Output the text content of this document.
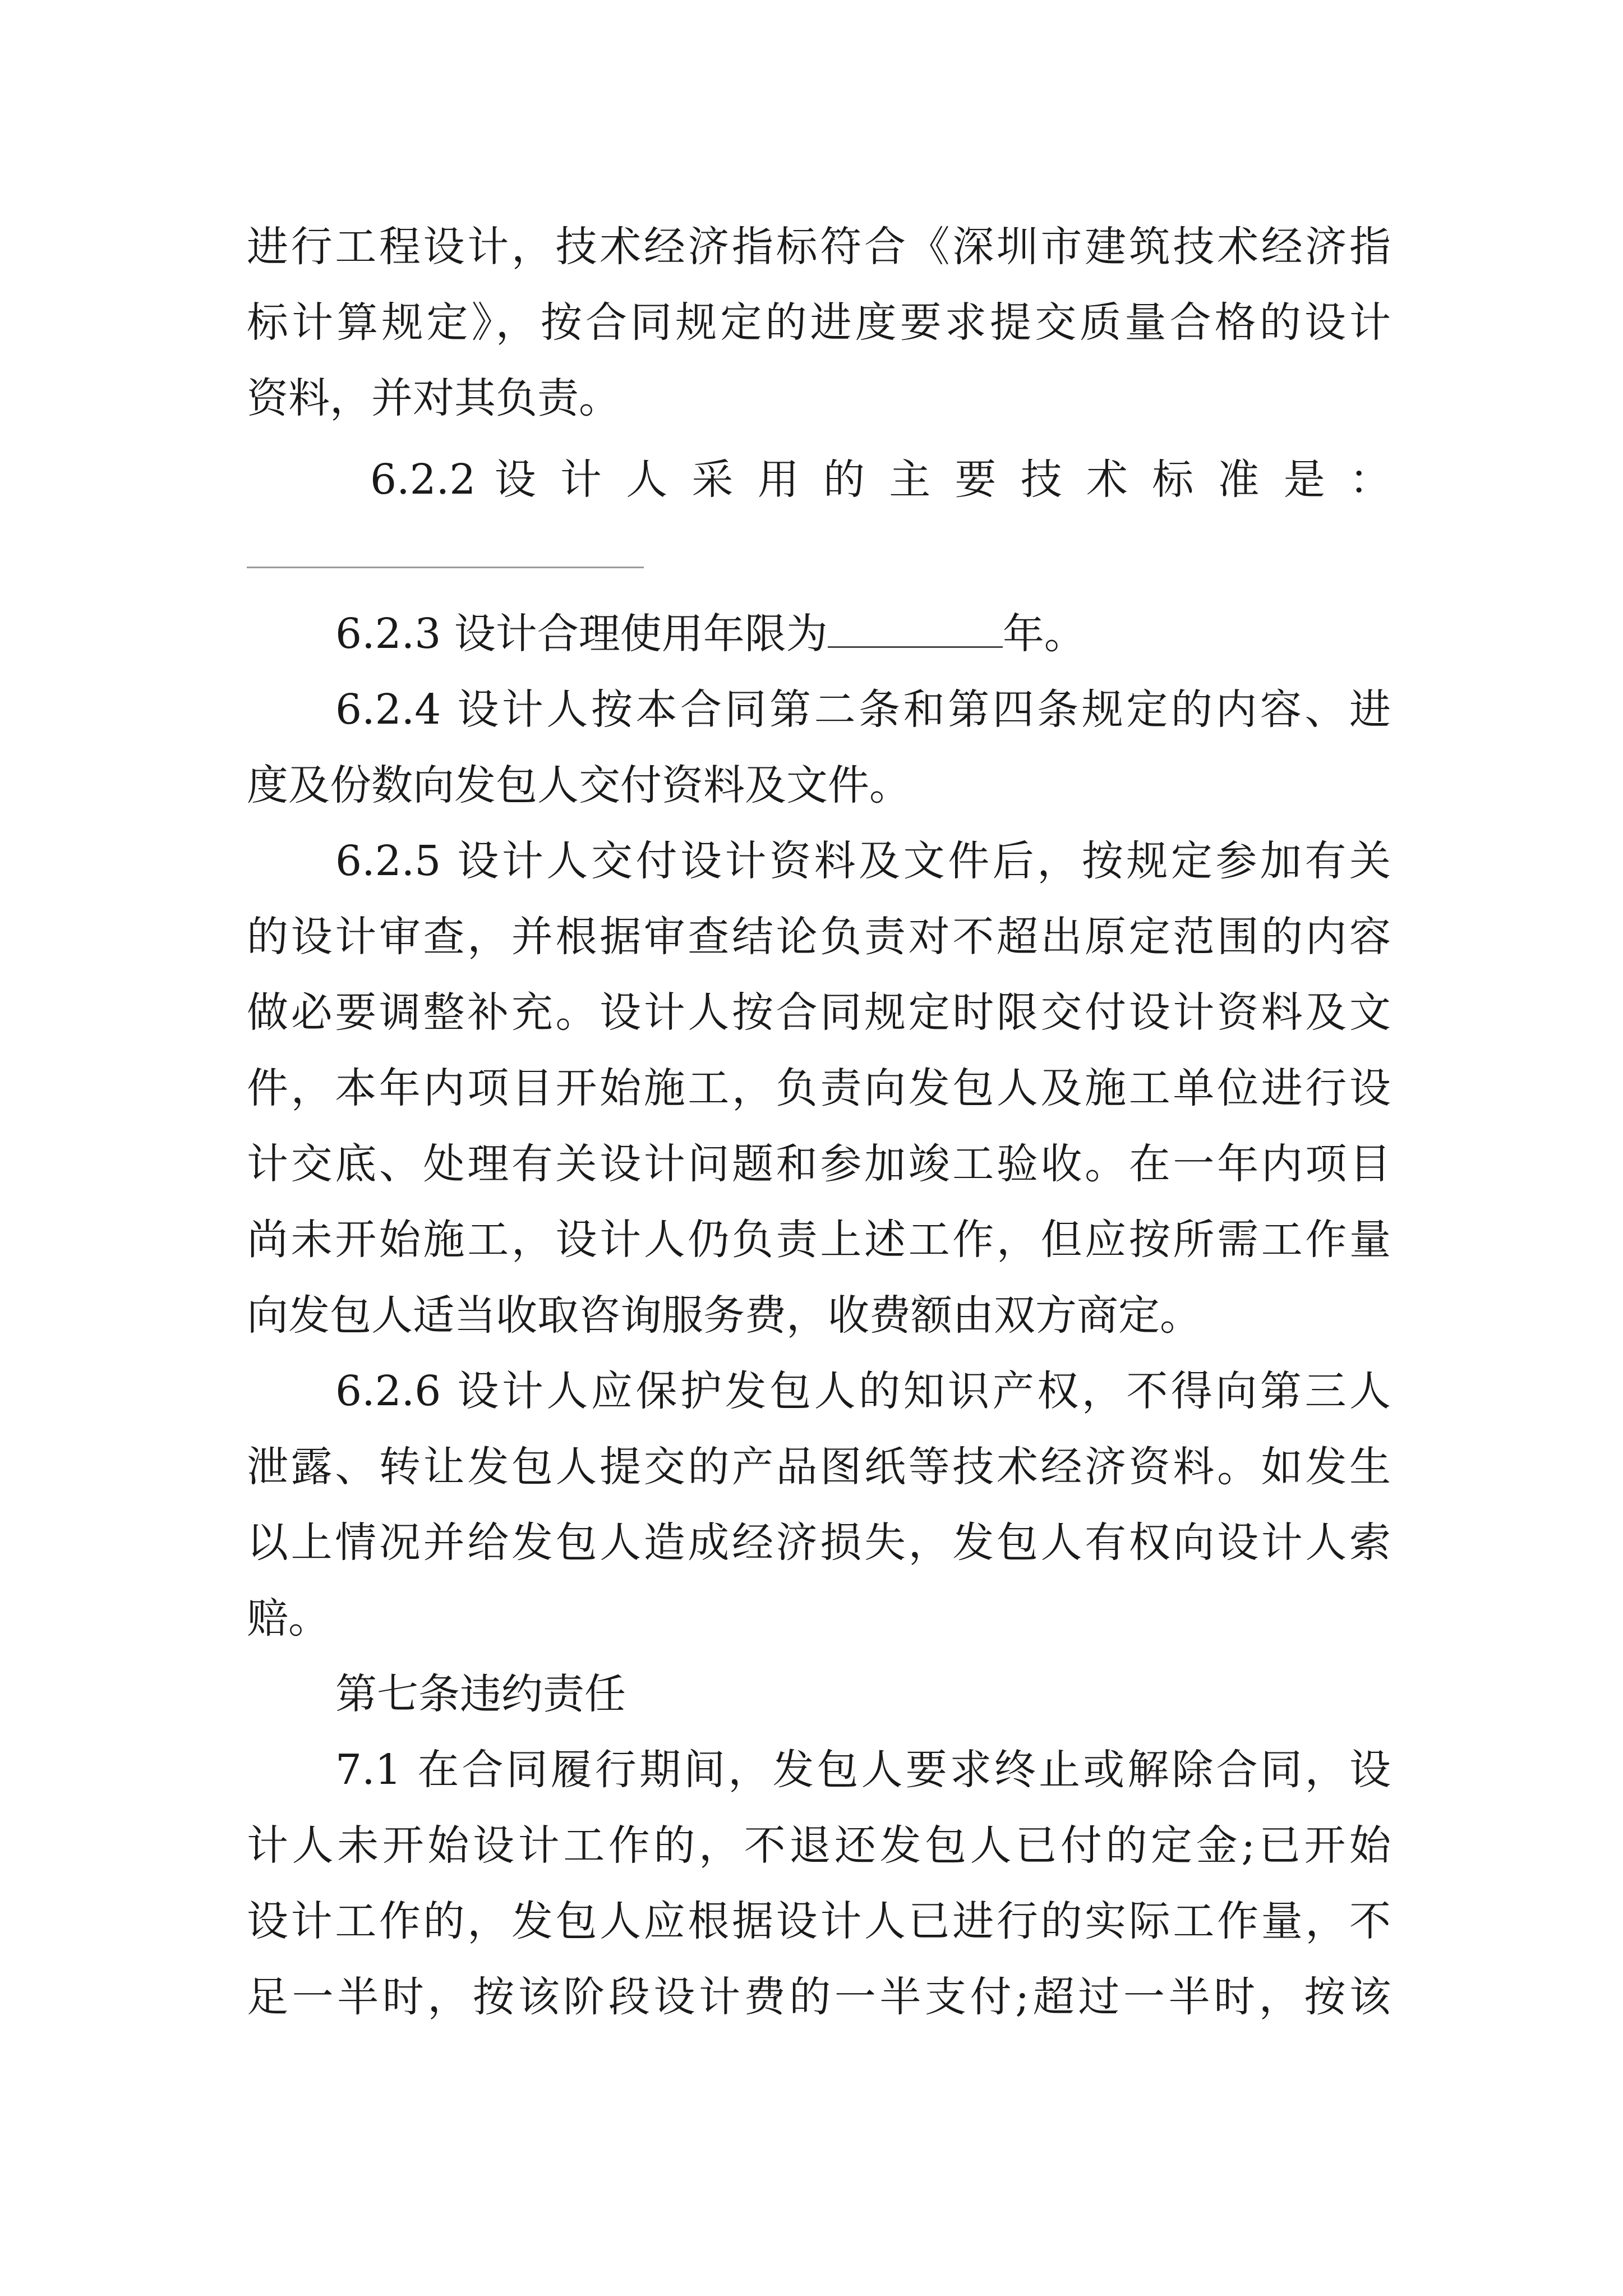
进行工程设计，技术经济指标符合《深圳市建筑技术经济指
标计算规定》，按合同规定的进度要求提交质量合格的设计
资料，并对其负责。
6.2.2 设 计 人 采 用 的 主 要 技 术 标 准 是 ：
6.2.3 设计合理使用年限为	年。
6.2.4 设计人按本合同第二条和第四条规定的内容、进
度及份数向发包人交付资料及文件。
6.2.5 设计人交付设计资料及文件后，按规定参加有关
的设计审查，并根据审查结论负责对不超出原定范围的内容
做必要调整补充。设计人按合同规定时限交付设计资料及文
件，本年内项目开始施工，负责向发包人及施工单位进行设
计交底、处理有关设计问题和参加竣工验收。在一年内项目
尚未开始施工，设计人仍负责上述工作，但应按所需工作量
向发包人适当收取咨询服务费，收费额由双方商定。
6.2.6 设计人应保护发包人的知识产权，不得向第三人
泄露、转让发包人提交的产品图纸等技术经济资料。如发生
以上情况并给发包人造成经济损失，发包人有权向设计人索
赔。
第七条违约责任
7.1 在合同履行期间，发包人要求终止或解除合同，设
计人未开始设计工作的，不退还发包人已付的定金;已开始
设计工作的，发包人应根据设计人已进行的实际工作量，不
足一半时，按该阶段设计费的一半支付;超过一半时，按该
